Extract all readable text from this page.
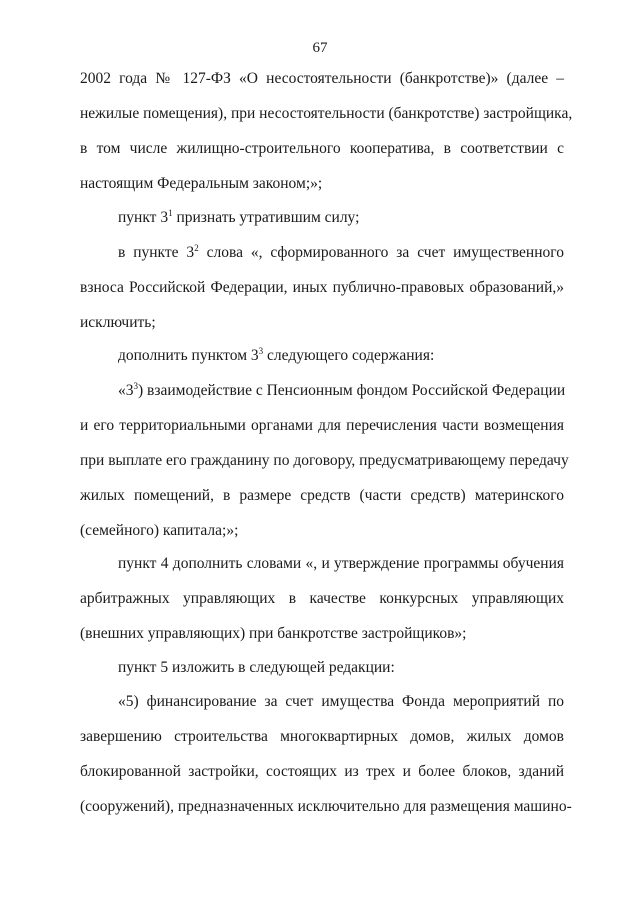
67
2002 года № 127-ФЗ «О несостоятельности (банкротстве)» (далее –
нежилые помещения), при несостоятельности (банкротстве) застройщика,
в том числе жилищно-строительного кооператива, в соответствии с
настоящим Федеральным законом;»;
пункт $3^1$ признать утратившим силу;
в пункте $3^2$ слова «, сформированного за счет имущественного
взноса Российской Федерации, иных публично-правовых образований,»
исключить;
дополнить пунктом $3^3$ следующего содержания:
«$3^3$) взаимодействие с Пенсионным фондом Российской Федерации
и его территориальными органами для перечисления части возмещения
при выплате его гражданину по договору, предусматривающему передачу
жилых помещений, в размере средств (части средств) материнского
(семейного) капитала;»;
пункт 4 дополнить словами «, и утверждение программы обучения
арбитражных управляющих в качестве конкурсных управляющих
(внешних управляющих) при банкротстве застройщиков»;
пункт 5 изложить в следующей редакции:
«5) финансирование за счет имущества Фонда мероприятий по
завершению строительства многоквартирных домов, жилых домов
блокированной застройки, состоящих из трех и более блоков, зданий
(сооружений), предназначенных исключительно для размещения машино-
